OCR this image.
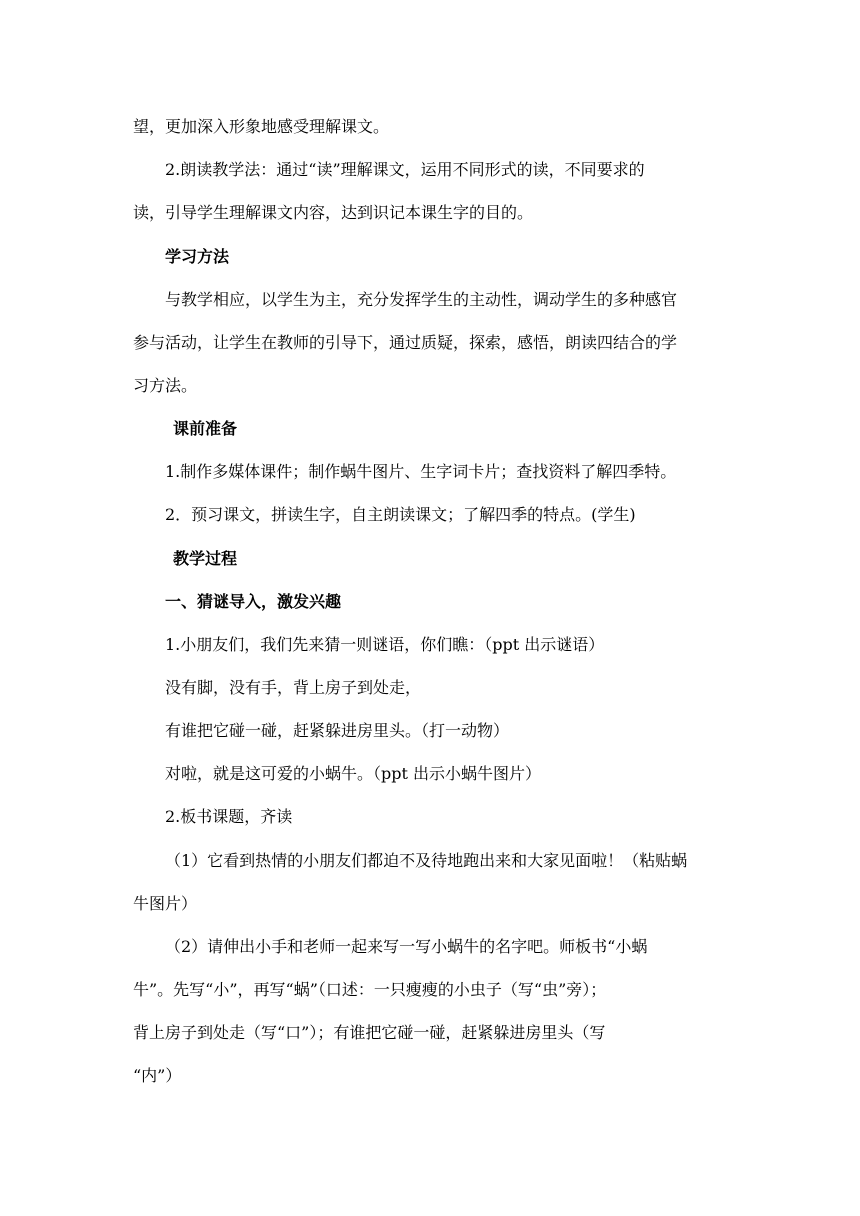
望，更加深入形象地感受理解课文。
2.朗读教学法：通过“读”理解课文，运用不同形式的读，不同要求的
读，引导学生理解课文内容，达到识记本课生字的目的。
学习方法
与教学相应，以学生为主，充分发挥学生的主动性，调动学生的多种感官
参与活动，让学生在教师的引导下，通过质疑，探索，感悟，朗读四结合的学
习方法。
课前准备
1.制作多媒体课件；制作蜗牛图片、生字词卡片；查找资料了解四季特。
2．预习课文，拼读生字，自主朗读课文；了解四季的特点。(学生)
教学过程
一、猜谜导入，激发兴趣
1.小朋友们，我们先来猜一则谜语，你们瞧：（ppt 出示谜语）
没有脚，没有手，背上房子到处走，
有谁把它碰一碰，赶紧躲进房里头。（打一动物）
对啦，就是这可爱的小蜗牛。（ppt 出示小蜗牛图片）
2.板书课题，齐读
（1）它看到热情的小朋友们都迫不及待地跑出来和大家见面啦！（粘贴蜗
牛图片）
（2）请伸出小手和老师一起来写一写小蜗牛的名字吧。师板书“小蜗
牛”。先写“小”，再写“蜗”（口述：一只瘦瘦的小虫子（写“虫”旁）；
背上房子到处走（写“口”）；有谁把它碰一碰，赶紧躲进房里头（写
“内”）
